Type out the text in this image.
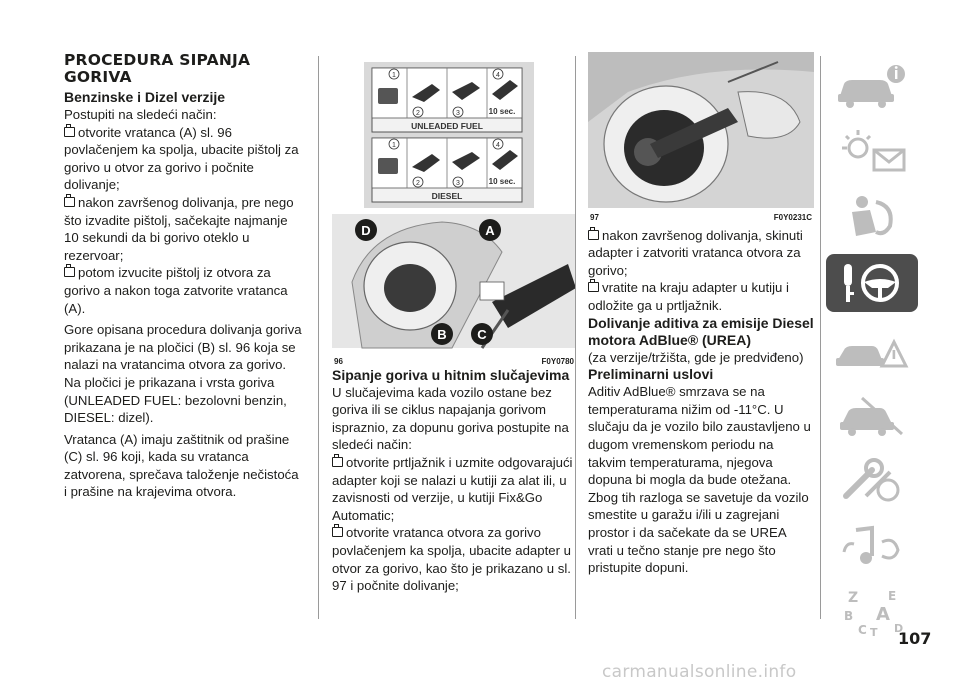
PROCEDURA SIPANJA
GORIVA

Benzinske i Dizel verzije

Postupiti na sledeći način:

otvorite vratanca (A) sl. 96 povlačenjem ka spolja, ubacite pištolj za gorivo u otvor za gorivo i počnite dolivanje;

nakon završenog dolivanja, pre nego što izvadite pištolj, sačekajte najmanje 10 sekundi da bi gorivo oteklo u rezervoar;

potom izvucite pištolj iz otvora za gorivo a nakon toga zatvorite vratanca (A).

Gore opisana procedura dolivanja goriva prikazana je na pločici (B) sl. 96 koja se nalazi na vratancima otvora za gorivo. Na pločici je prikazana i vrsta goriva (UNLEADED FUEL: bezolovni benzin, DIESEL: dizel).

Vratanca (A) imaju zaštitnik od prašine (C) sl. 96 koji, kada su vratanca zatvorena, sprečava taloženje nečistoća i prašine na krajevima otvora.

1
2	3
4
10 sec.
UNLEADED FUEL
1
2	3
4
10 sec.
DIESEL
D	A
B C
96	F0Y0780

Sipanje goriva u hitnim slučajevima

U slučajevima kada vozilo ostane bez goriva ili se ciklus napajanja gorivom ispraznio, za dopunu goriva postupite na sledeći način:

otvorite prtljažnik i uzmite odgovarajući adapter koji se nalazi u kutiji za alat ili, u zavisnosti od verzije, u kutiji Fix&Go Automatic;

otvorite vratanca otvora za gorivo povlačenjem ka spolja, ubacite adapter u otvor za gorivo, kao što je prikazano u sl. 97 i počnite dolivanje;

97	F0Y0231C

nakon završenog dolivanja, skinuti adapter i zatvoriti vratanca otvora za gorivo;

vratite na kraju adapter u kutiju i odložite ga u prtljažnik.

Dolivanje aditiva za emisije Diesel motora AdBlue® (UREA)

(za verzije/tržišta, gde je predviđeno)

Preliminarni uslovi

Aditiv AdBlue® smrzava se na temperaturama nižim od -11°C. U slučaju da je vozilo bilo zaustavljeno u dugom vremenskom periodu na takvim temperaturama, njegova dopuna bi mogla da bude otežana. Zbog tih razloga se savetuje da vozilo smestite u garažu i/ili u zagrejani prostor i da sačekate da se UREA vrati u tečno stanje pre nego što pristupite dopuni.

Z E
B A
C T D
107
carmanualsonline.info
